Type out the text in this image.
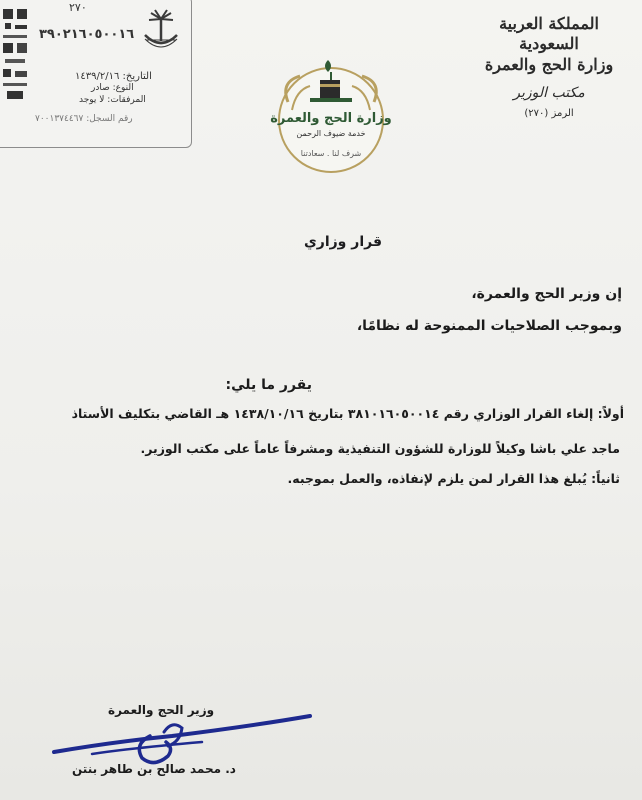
٢٧٠
٣٩٠٢١٦٠٥٠٠١٦
التاريخ: ١٤٣٩/٢/١٦
النوع: صادر
المرفقات: لا يوجد
رقم السجل: ٧٠٠١٣٧٤٤٦٧
المملكة العربية السعودية
وزارة الحج والعمرة
مكتب الوزير
الرمز (٢٧٠)
وزارة الحج والعمرة
خدمة ضيوف الرحمن
شرف لنا . سعادتنا
قرار وزاري
إن وزير الحج والعمرة،
وبموجب الصلاحيات الممنوحة له نظامًا،
يقرر ما يلي:
أولاً: إلغاء القرار الوزاري رقم ٣٨١٠١٦٠٥٠٠١٤ بتاريخ ١٤٣٨/١٠/١٦ هـ القاضي بتكليف الأستاذ
ماجد علي باشا وكيلاً للوزارة للشؤون التنفيذية ومشرفاً عاماً على مكتب الوزير.
ثانياً: يُبلغ هذا القرار لمن يلزم لإنفاذه، والعمل بموجبه.
وزير الحج والعمرة
د. محمد صالح بن طاهر بنتن
